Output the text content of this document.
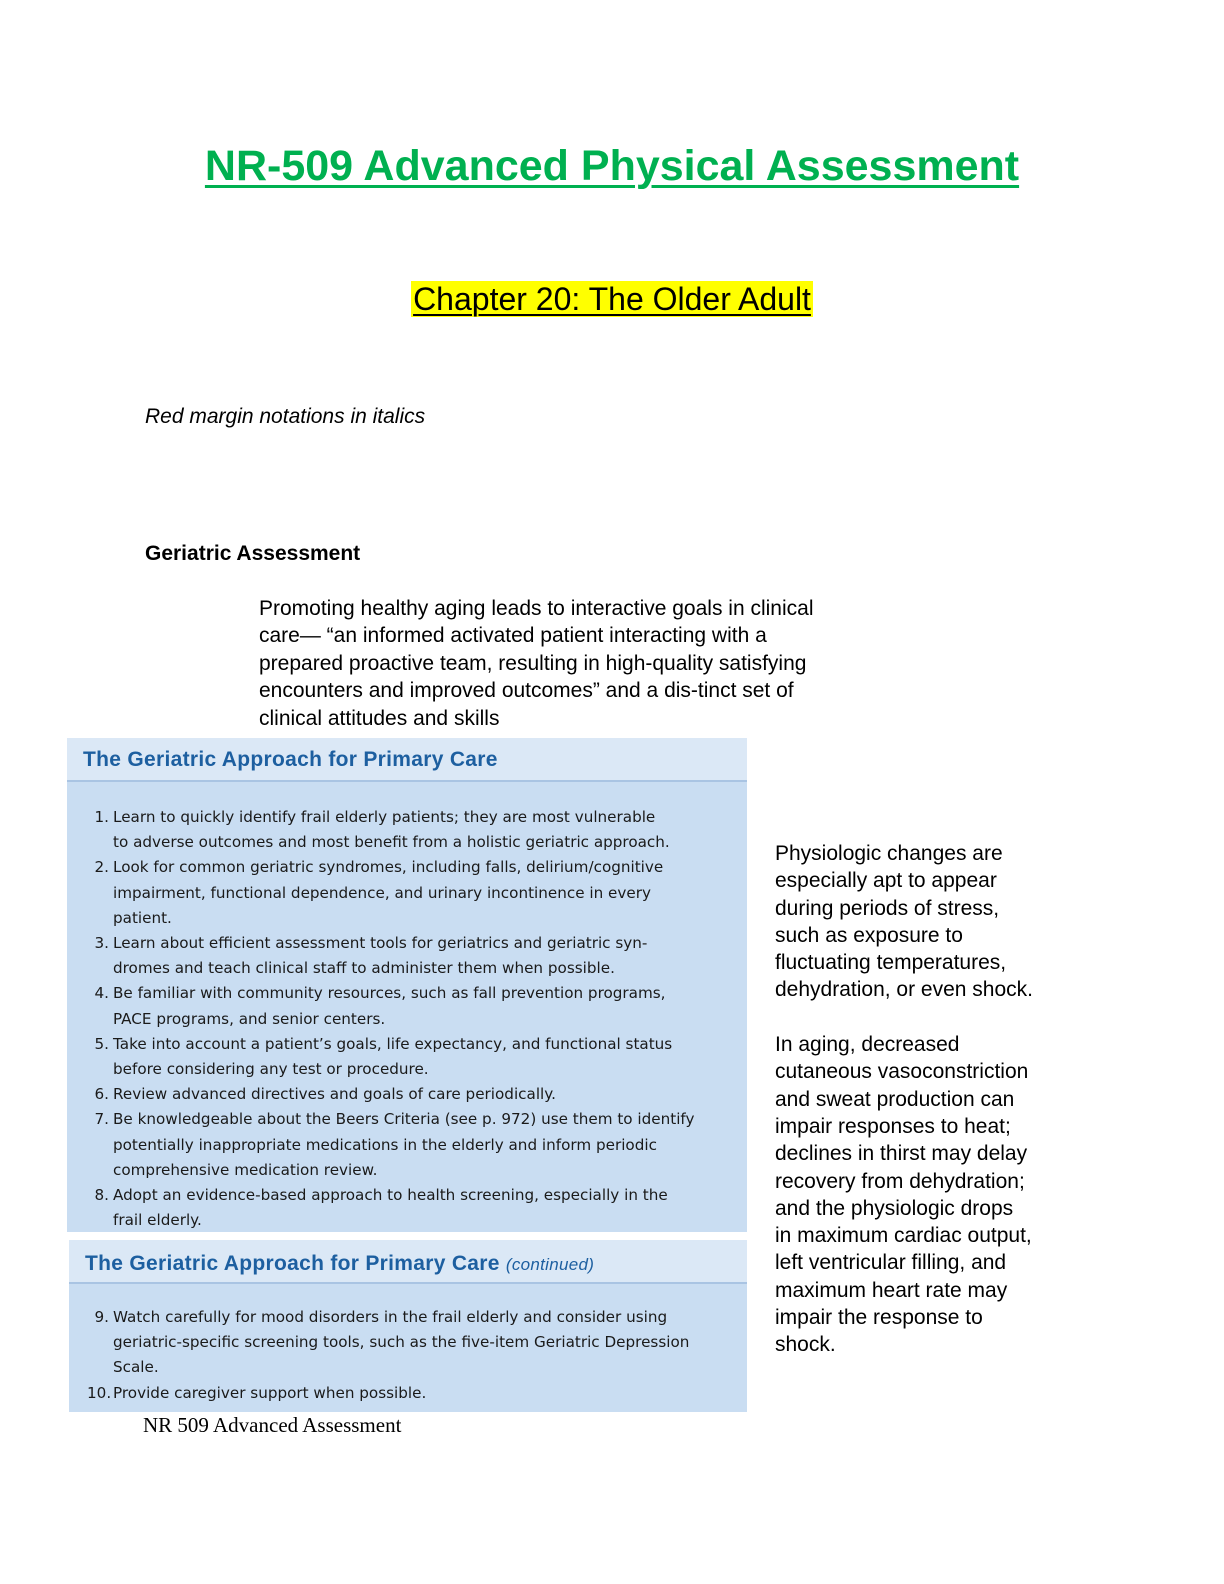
NR-509 Advanced Physical Assessment
Chapter 20: The Older Adult
Red margin notations in italics
Geriatric Assessment
Promoting healthy aging leads to interactive goals in clinical
care— “an informed activated patient interacting with a
prepared proactive team, resulting in high-quality satisfying
encounters and improved outcomes” and a dis-tinct set of
clinical attitudes and skills
The Geriatric Approach for Primary Care
1. Learn to quickly identify frail elderly patients; they are most vulnerable
to adverse outcomes and most benefit from a holistic geriatric approach.
2. Look for common geriatric syndromes, including falls, delirium/cognitive
impairment, functional dependence, and urinary incontinence in every
patient.
3. Learn about efficient assessment tools for geriatrics and geriatric syn-
dromes and teach clinical staff to administer them when possible.
4. Be familiar with community resources, such as fall prevention programs,
PACE programs, and senior centers.
5. Take into account a patient’s goals, life expectancy, and functional status
before considering any test or procedure.
6. Review advanced directives and goals of care periodically.
7. Be knowledgeable about the Beers Criteria (see p. 972) use them to identify
potentially inappropriate medications in the elderly and inform periodic
comprehensive medication review.
8. Adopt an evidence-based approach to health screening, especially in the
frail elderly.
The Geriatric Approach for Primary Care (continued)
9. Watch carefully for mood disorders in the frail elderly and consider using
geriatric-specific screening tools, such as the five-item Geriatric Depression
Scale.
10. Provide caregiver support when possible.
Physiologic changes are
especially apt to appear
during periods of stress,
such as exposure to
fluctuating temperatures,
dehydration, or even shock.
In aging, decreased
cutaneous vasoconstriction
and sweat production can
impair responses to heat;
declines in thirst may delay
recovery from dehydration;
and the physiologic drops
in maximum cardiac output,
left ventricular filling, and
maximum heart rate may
impair the response to
shock.
NR 509 Advanced Assessment
